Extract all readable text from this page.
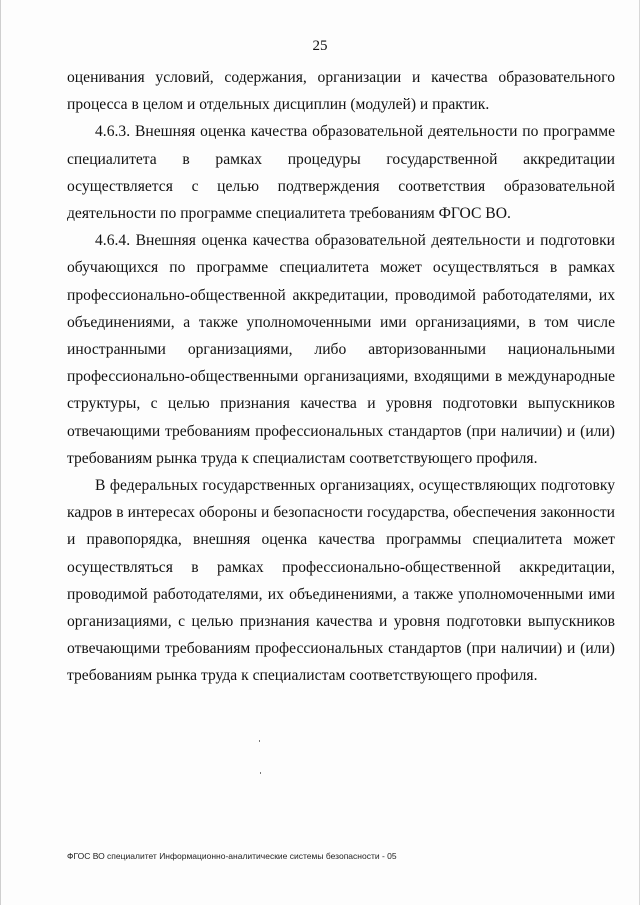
25

оценивания условий, содержания, организации и качества образовательного процесса в целом и отдельных дисциплин (модулей) и практик.

4.6.3. Внешняя оценка качества образовательной деятельности по программе специалитета в рамках процедуры государственной аккредитации осуществляется с целью подтверждения соответствия образовательной деятельности по программе специалитета требованиям ФГОС ВО.

4.6.4. Внешняя оценка качества образовательной деятельности и подготовки обучающихся по программе специалитета может осуществляться в рамках профессионально-общественной аккредитации, проводимой работодателями, их объединениями, а также уполномоченными ими организациями, в том числе иностранными организациями, либо авторизованными национальными профессионально-общественными организациями, входящими в международные структуры, с целью признания качества и уровня подготовки выпускников отвечающими требованиям профессиональных стандартов (при наличии) и (или) требованиям рынка труда к специалистам соответствующего профиля.

В федеральных государственных организациях, осуществляющих подготовку кадров в интересах обороны и безопасности государства, обеспечения законности и правопорядка, внешняя оценка качества программы специалитета может осуществляться в рамках профессионально-общественной аккредитации, проводимой работодателями, их объединениями, а также уполномоченными ими организациями, с целью признания качества и уровня подготовки выпускников отвечающими требованиям профессиональных стандартов (при наличии) и (или) требованиям рынка труда к специалистам соответствующего профиля.

ФГОС ВО специалитет Информационно-аналитические системы безопасности - 05
